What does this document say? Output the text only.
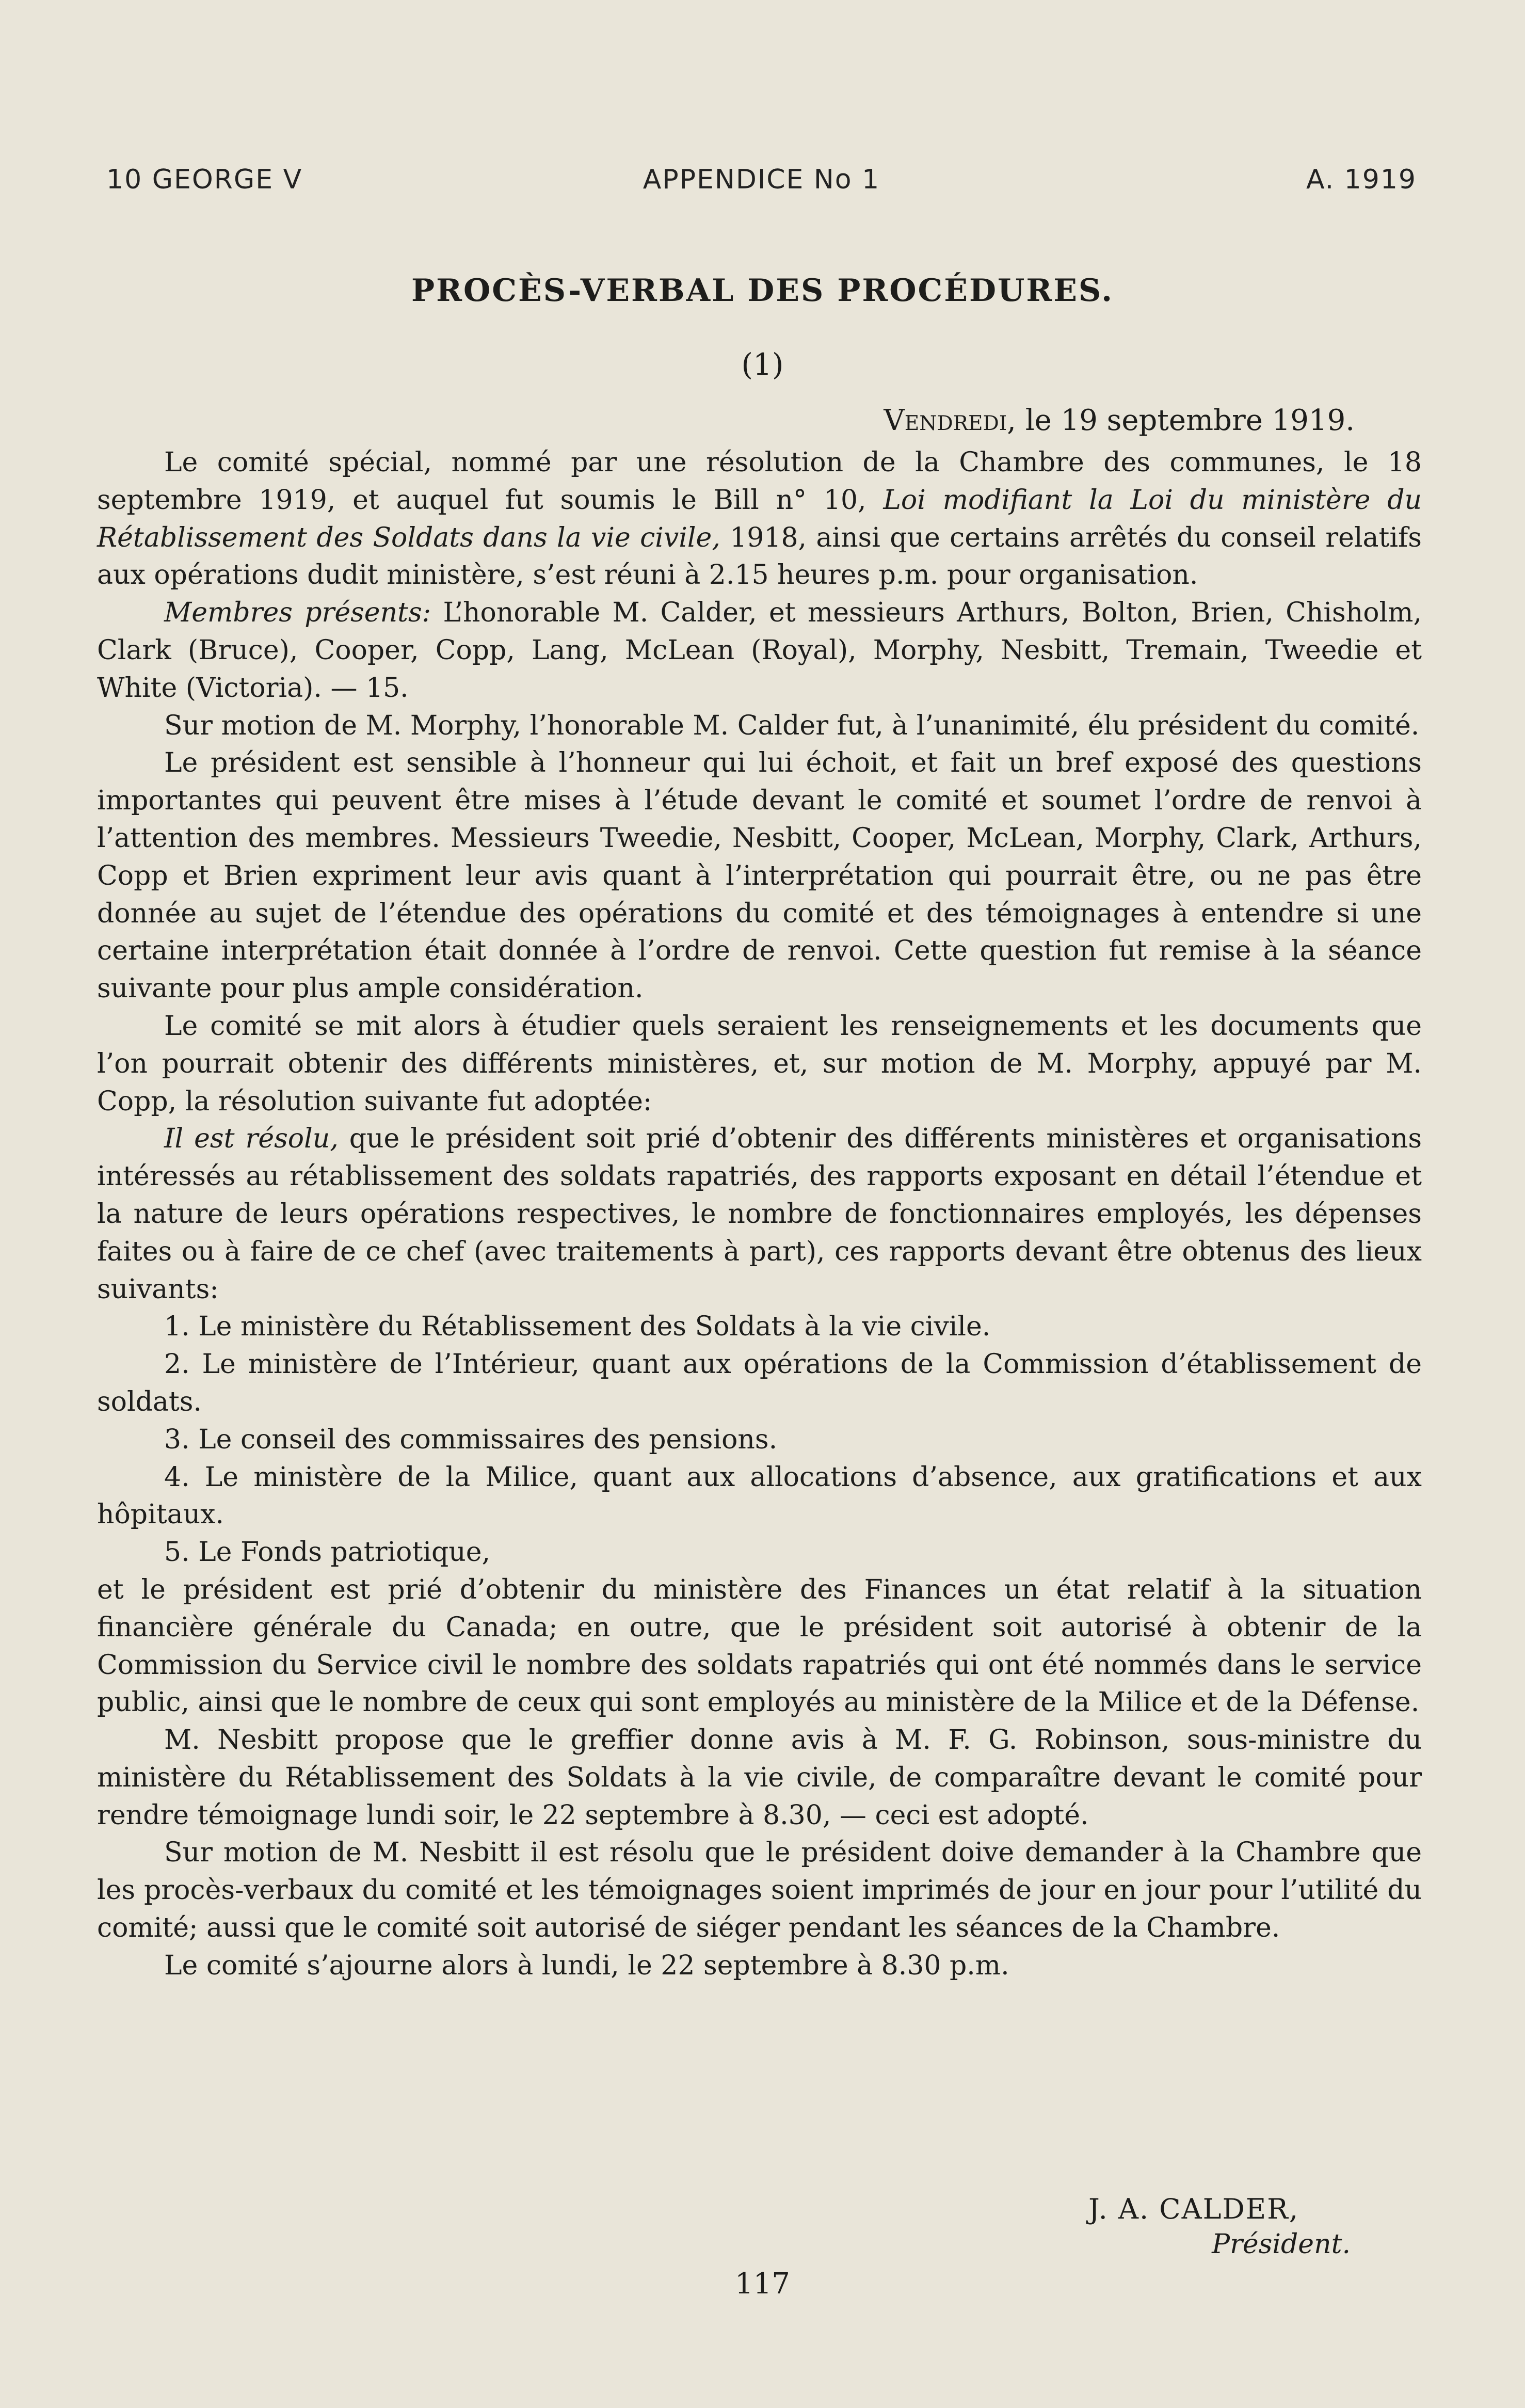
10 GEORGE V	APPENDICE No 1	A. 1919
PROCÈS-VERBAL DES PROCÉDURES.
(1)
Vendredi, le 19 septembre 1919.

Le comité spécial, nommé par une résolution de la Chambre des communes, le 18 septembre 1919, et auquel fut soumis le Bill n° 10, Loi modifiant la Loi du ministère du Rétablissement des Soldats dans la vie civile, 1918, ainsi que certains arrêtés du conseil relatifs aux opérations dudit ministère, s’est réuni à 2.15 heures p.m. pour organisation.

Membres présents: L’honorable M. Calder, et messieurs Arthurs, Bolton, Brien, Chisholm, Clark (Bruce), Cooper, Copp, Lang, McLean (Royal), Morphy, Nesbitt, Tremain, Tweedie et White (Victoria). — 15.

Sur motion de M. Morphy, l’honorable M. Calder fut, à l’unanimité, élu président du comité.

Le président est sensible à l’honneur qui lui échoit, et fait un bref exposé des questions importantes qui peuvent être mises à l’étude devant le comité et soumet l’ordre de renvoi à l’attention des membres. Messieurs Tweedie, Nesbitt, Cooper, McLean, Morphy, Clark, Arthurs, Copp et Brien expriment leur avis quant à l’interprétation qui pourrait être, ou ne pas être donnée au sujet de l’étendue des opérations du comité et des témoignages à entendre si une certaine interprétation était donnée à l’ordre de renvoi. Cette question fut remise à la séance suivante pour plus ample considération.

Le comité se mit alors à étudier quels seraient les renseignements et les documents que l’on pourrait obtenir des différents ministères, et, sur motion de M. Morphy, appuyé par M. Copp, la résolution suivante fut adoptée:

Il est résolu, que le président soit prié d’obtenir des différents ministères et organisations intéressés au rétablissement des soldats rapatriés, des rapports exposant en détail l’étendue et la nature de leurs opérations respectives, le nombre de fonctionnaires employés, les dépenses faites ou à faire de ce chef (avec traitements à part), ces rapports devant être obtenus des lieux suivants:

1. Le ministère du Rétablissement des Soldats à la vie civile.

2. Le ministère de l’Intérieur, quant aux opérations de la Commission d’établissement de soldats.

3. Le conseil des commissaires des pensions.

4. Le ministère de la Milice, quant aux allocations d’absence, aux gratifications et aux hôpitaux.

5. Le Fonds patriotique,

et le président est prié d’obtenir du ministère des Finances un état relatif à la situation financière générale du Canada; en outre, que le président soit autorisé à obtenir de la Commission du Service civil le nombre des soldats rapatriés qui ont été nommés dans le service public, ainsi que le nombre de ceux qui sont employés au ministère de la Milice et de la Défense.

M. Nesbitt propose que le greffier donne avis à M. F. G. Robinson, sous-ministre du ministère du Rétablissement des Soldats à la vie civile, de comparaître devant le comité pour rendre témoignage lundi soir, le 22 septembre à 8.30, — ceci est adopté.

Sur motion de M. Nesbitt il est résolu que le président doive demander à la Chambre que les procès-verbaux du comité et les témoignages soient imprimés de jour en jour pour l’utilité du comité; aussi que le comité soit autorisé de siéger pendant les séances de la Chambre.

Le comité s’ajourne alors à lundi, le 22 septembre à 8.30 p.m.

J. A. CALDER,
Président.
117
